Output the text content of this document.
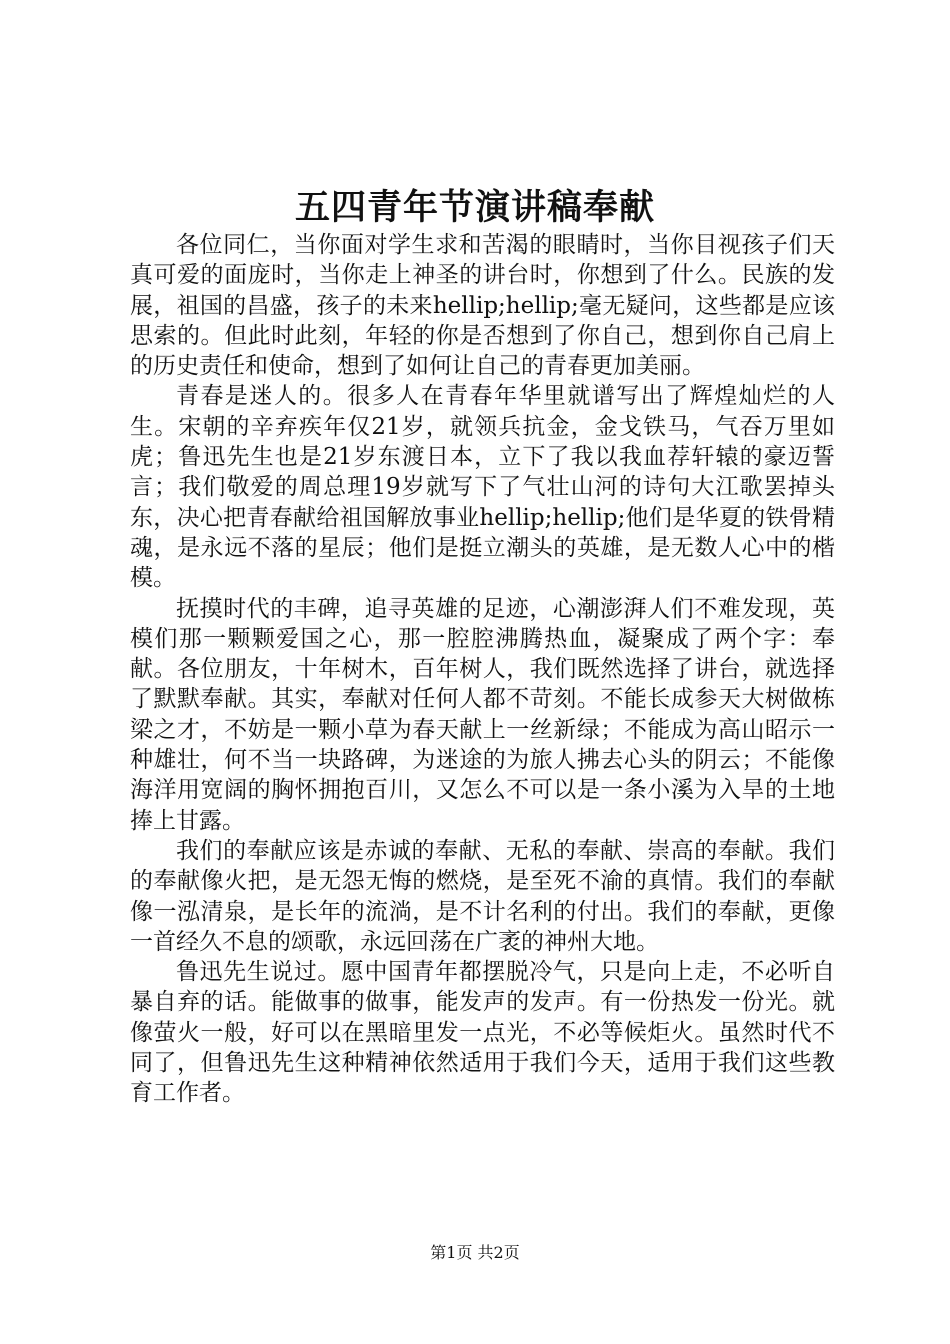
五四青年节演讲稿奉献

各位同仁，当你面对学生求和苦渴的眼睛时，当你目视孩子们天真可爱的面庞时，当你走上神圣的讲台时，你想到了什么。民族的发展，祖国的昌盛，孩子的未来hellip;hellip;毫无疑问，这些都是应该思索的。但此时此刻，年轻的你是否想到了你自己，想到你自己肩上的历史责任和使命，想到了如何让自己的青春更加美丽。

青春是迷人的。很多人在青春年华里就谱写出了辉煌灿烂的人生。宋朝的辛弃疾年仅21岁，就领兵抗金，金戈铁马，气吞万里如虎；鲁迅先生也是21岁东渡日本，立下了我以我血荐轩辕的豪迈誓言；我们敬爱的周总理19岁就写下了气壮山河的诗句大江歌罢掉头东，决心把青春献给祖国解放事业hellip;hellip;他们是华夏的铁骨精魂，是永远不落的星辰；他们是挺立潮头的英雄，是无数人心中的楷模。

抚摸时代的丰碑，追寻英雄的足迹，心潮澎湃人们不难发现，英模们那一颗颗爱国之心，那一腔腔沸腾热血，凝聚成了两个字：奉献。各位朋友，十年树木，百年树人，我们既然选择了讲台，就选择了默默奉献。其实，奉献对任何人都不苛刻。不能长成参天大树做栋梁之才，不妨是一颗小草为春天献上一丝新绿；不能成为高山昭示一种雄壮，何不当一块路碑，为迷途的为旅人拂去心头的阴云；不能像海洋用宽阔的胸怀拥抱百川，又怎么不可以是一条小溪为入旱的土地捧上甘露。

我们的奉献应该是赤诚的奉献、无私的奉献、崇高的奉献。我们的奉献像火把，是无怨无悔的燃烧，是至死不渝的真情。我们的奉献像一泓清泉，是长年的流淌，是不计名利的付出。我们的奉献，更像一首经久不息的颂歌，永远回荡在广袤的神州大地。

鲁迅先生说过。愿中国青年都摆脱冷气，只是向上走，不必听自暴自弃的话。能做事的做事，能发声的发声。有一份热发一份光。就像萤火一般，好可以在黑暗里发一点光，不必等候炬火。虽然时代不同了，但鲁迅先生这种精神依然适用于我们今天，适用于我们这些教育工作者。

第1页 共2页
